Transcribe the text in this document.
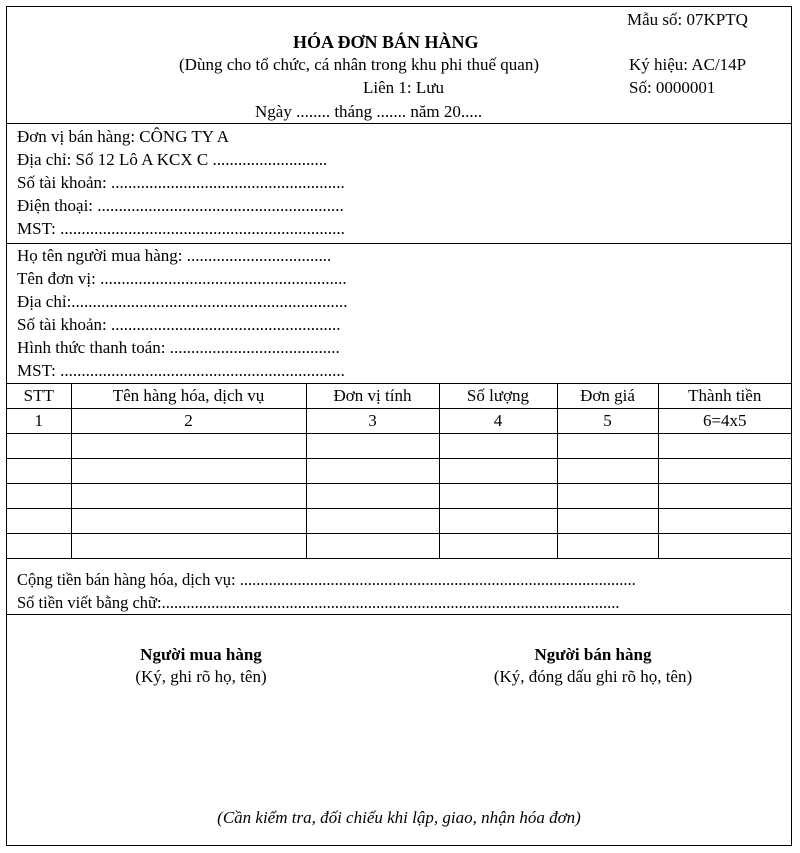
Mẫu số: 07KPTQ
HÓA ĐƠN BÁN HÀNG
(Dùng cho tổ chức, cá nhân trong khu phi thuế quan)	Ký hiệu: AC/14P
Liên 1: Lưu	Số: 0000001
Ngày ........ tháng ....... năm 20.....
Đơn vị bán hàng: CÔNG TY A
Địa chỉ: Số 12 Lô A KCX C ...........................
Số tài khoản: .......................................................
Điện thoại: ..........................................................
MST: ...................................................................
Họ tên người mua hàng: ..................................
Tên đơn vị: ..........................................................
Địa chỉ:.................................................................
Số tài khoản: ......................................................
Hình thức thanh toán: ........................................
MST: ...................................................................
STT	Tên hàng hóa, dịch vụ	Đơn vị tính	Số lượng	Đơn giá	Thành tiền
1	2	3	4	5	6=4x5

Cộng tiền bán hàng hóa, dịch vụ: ................................................................................................
Số tiền viết bằng chữ:...............................................................................................................
Người mua hàng
(Ký, ghi rõ họ, tên)
Người bán hàng
(Ký, đóng dấu ghi rõ họ, tên)
(Cần kiểm tra, đối chiếu khi lập, giao, nhận hóa đơn)
